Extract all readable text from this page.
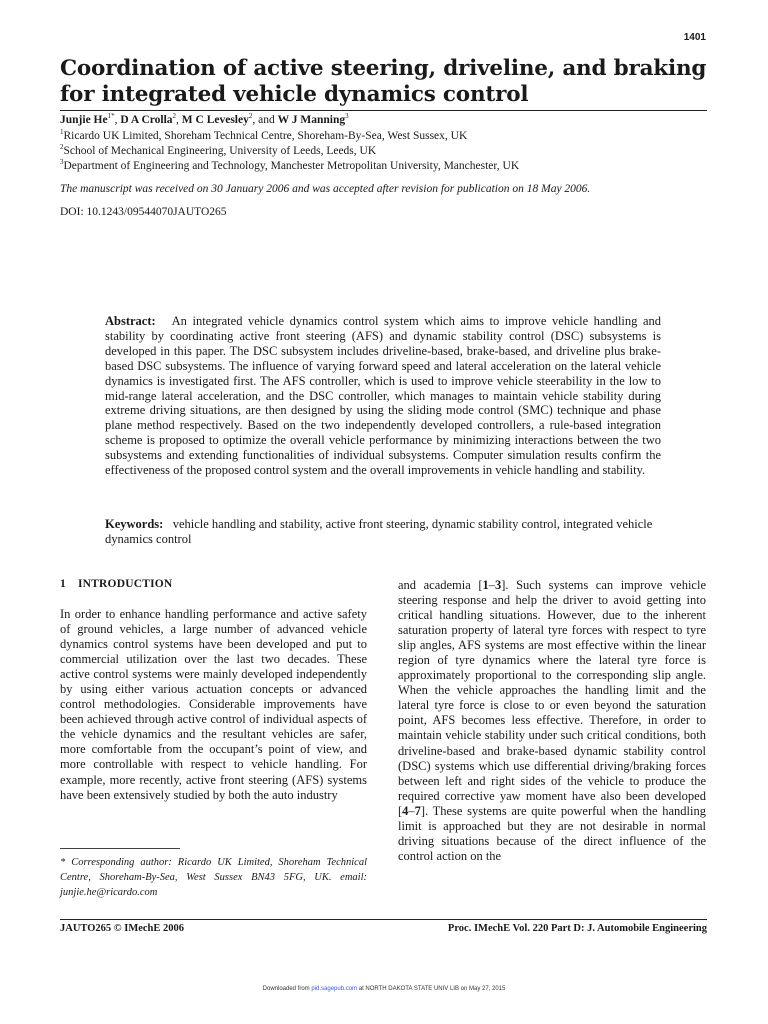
1401
Coordination of active steering, driveline, and braking for integrated vehicle dynamics control
Junjie $He^{1*}$, D A Crolla$^2$, M C Levesley$^2$, and W J Manning$^3$
$^1$Ricardo UK Limited, Shoreham Technical Centre, Shoreham-By-Sea, West Sussex, UK
$^2$School of Mechanical Engineering, University of Leeds, Leeds, UK
$^3$Department of Engineering and Technology, Manchester Metropolitan University, Manchester, UK
The manuscript was received on 30 January 2006 and was accepted after revision for publication on 18 May 2006.
DOI: 10.1243/09544070JAUTO265

Abstract: An integrated vehicle dynamics control system which aims to improve vehicle handling and stability by coordinating active front steering (AFS) and dynamic stability control (DSC) subsystems is developed in this paper. The DSC subsystem includes driveline-based, brake-based, and driveline plus brake-based DSC subsystems. The influence of varying forward speed and lateral acceleration on the lateral vehicle dynamics is investigated first. The AFS controller, which is used to improve vehicle steerability in the low to mid-range lateral acceleration, and the DSC controller, which manages to maintain vehicle stability during extreme driving situations, are then designed by using the sliding mode control (SMC) technique and phase plane method respectively. Based on the two independently developed controllers, a rule-based integration scheme is proposed to optimize the overall vehicle performance by minimizing interactions between the two subsystems and extending functionalities of individual subsystems. Computer simulation results confirm the effectiveness of the proposed control system and the overall improvements in vehicle handling and stability.

Keywords: vehicle handling and stability, active front steering, dynamic stability control, integrated vehicle dynamics control

1 INTRODUCTION

In order to enhance handling performance and active safety of ground vehicles, a large number of advanced vehicle dynamics control systems have been developed and put to commercial utilization over the last two decades. These active control systems were mainly developed independently by using either various actuation concepts or advanced control methodologies. Considerable improvements have been achieved through active control of individual aspects of the vehicle dynamics and the resultant vehicles are safer, more comfortable from the occupant’s point of view, and more controllable with respect to vehicle handling. For example, more recently, active front steering (AFS) systems have been extensively studied by both the auto industry

and academia [1–3]. Such systems can improve vehicle steering response and help the driver to avoid getting into critical handling situations. However, due to the inherent saturation property of lateral tyre forces with respect to tyre slip angles, AFS systems are most effective within the linear region of tyre dynamics where the lateral tyre force is approximately proportional to the corresponding slip angle. When the vehicle approaches the handling limit and the lateral tyre force is close to or even beyond the saturation point, AFS becomes less effective. Therefore, in order to maintain vehicle stability under such critical conditions, both driveline-based and brake-based dynamic stability control (DSC) systems which use differential driving/braking forces between left and right sides of the vehicle to produce the required corrective yaw moment have also been developed [4–7]. These systems are quite powerful when the handling limit is approached but they are not desirable in normal driving situations because of the direct influence of the control action on the

* Corresponding author: Ricardo UK Limited, Shoreham Technical Centre, Shoreham-By-Sea, West Sussex BN43 5FG, UK. email: junjie.he@ricardo.com

JAUTO265 © IMechE 2006	Proc. IMechE Vol. 220 Part D: J. Automobile Engineering
Downloaded from pid.sagepub.com at NORTH DAKOTA STATE UNIV LIB on May 27, 2015
